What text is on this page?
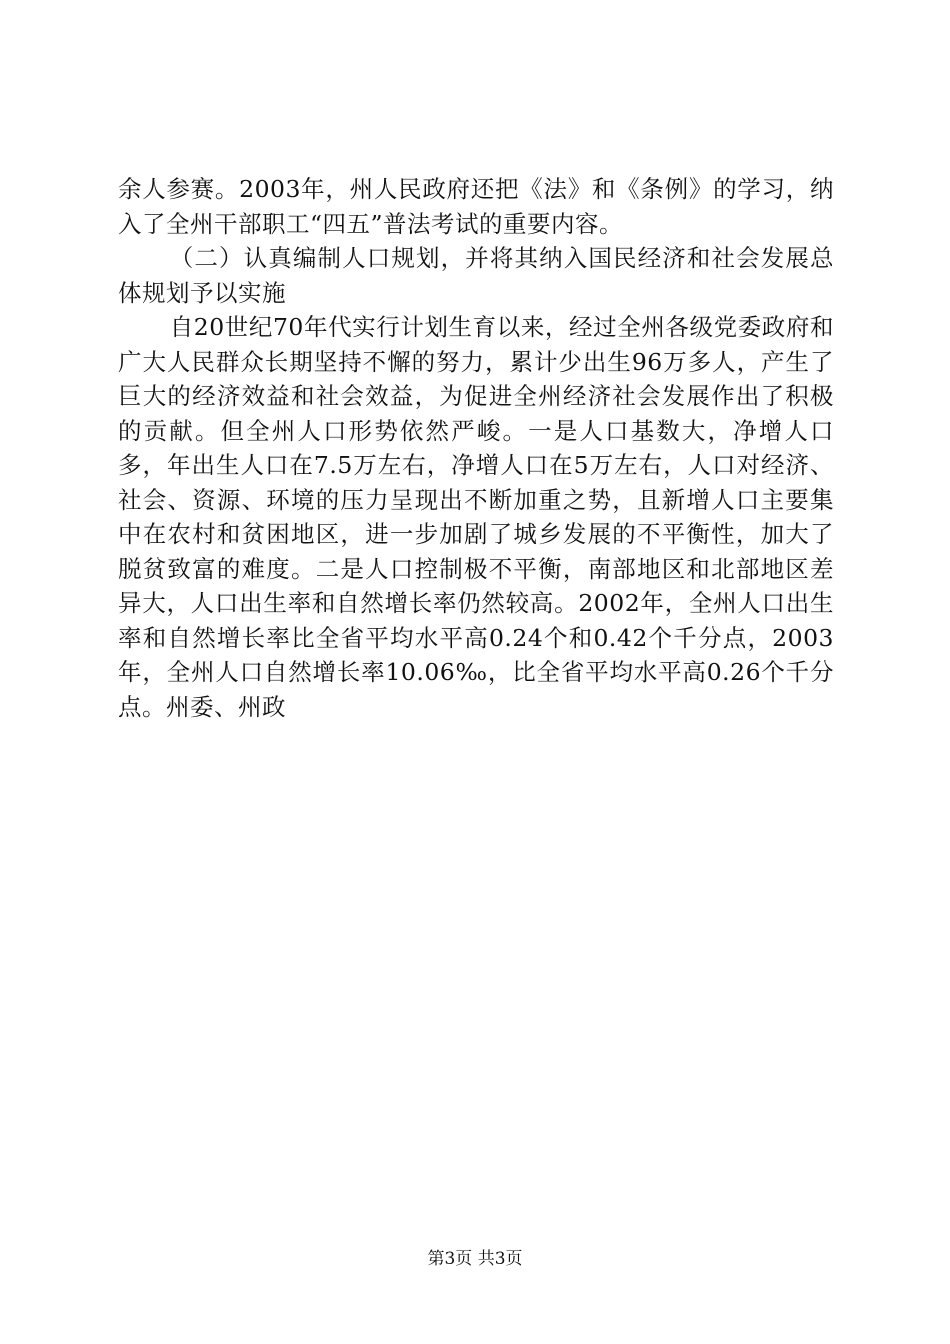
余人参赛。2003年，州人民政府还把《法》和《条例》的学习，纳入了全州干部职工“四五”普法考试的重要内容。

（二）认真编制人口规划，并将其纳入国民经济和社会发展总体规划予以实施

自20世纪70年代实行计划生育以来，经过全州各级党委政府和广大人民群众长期坚持不懈的努力，累计少出生96万多人，产生了巨大的经济效益和社会效益，为促进全州经济社会发展作出了积极的贡献。但全州人口形势依然严峻。一是人口基数大，净增人口多，年出生人口在7.5万左右，净增人口在5万左右，人口对经济、社会、资源、环境的压力呈现出不断加重之势，且新增人口主要集中在农村和贫困地区，进一步加剧了城乡发展的不平衡性，加大了脱贫致富的难度。二是人口控制极不平衡，南部地区和北部地区差异大，人口出生率和自然增长率仍然较高。2002年，全州人口出生率和自然增长率比全省平均水平高0.24个和0.42个千分点，2003年，全州人口自然增长率10.06‰，比全省平均水平高0.26个千分点。州委、州政

第3页 共3页
